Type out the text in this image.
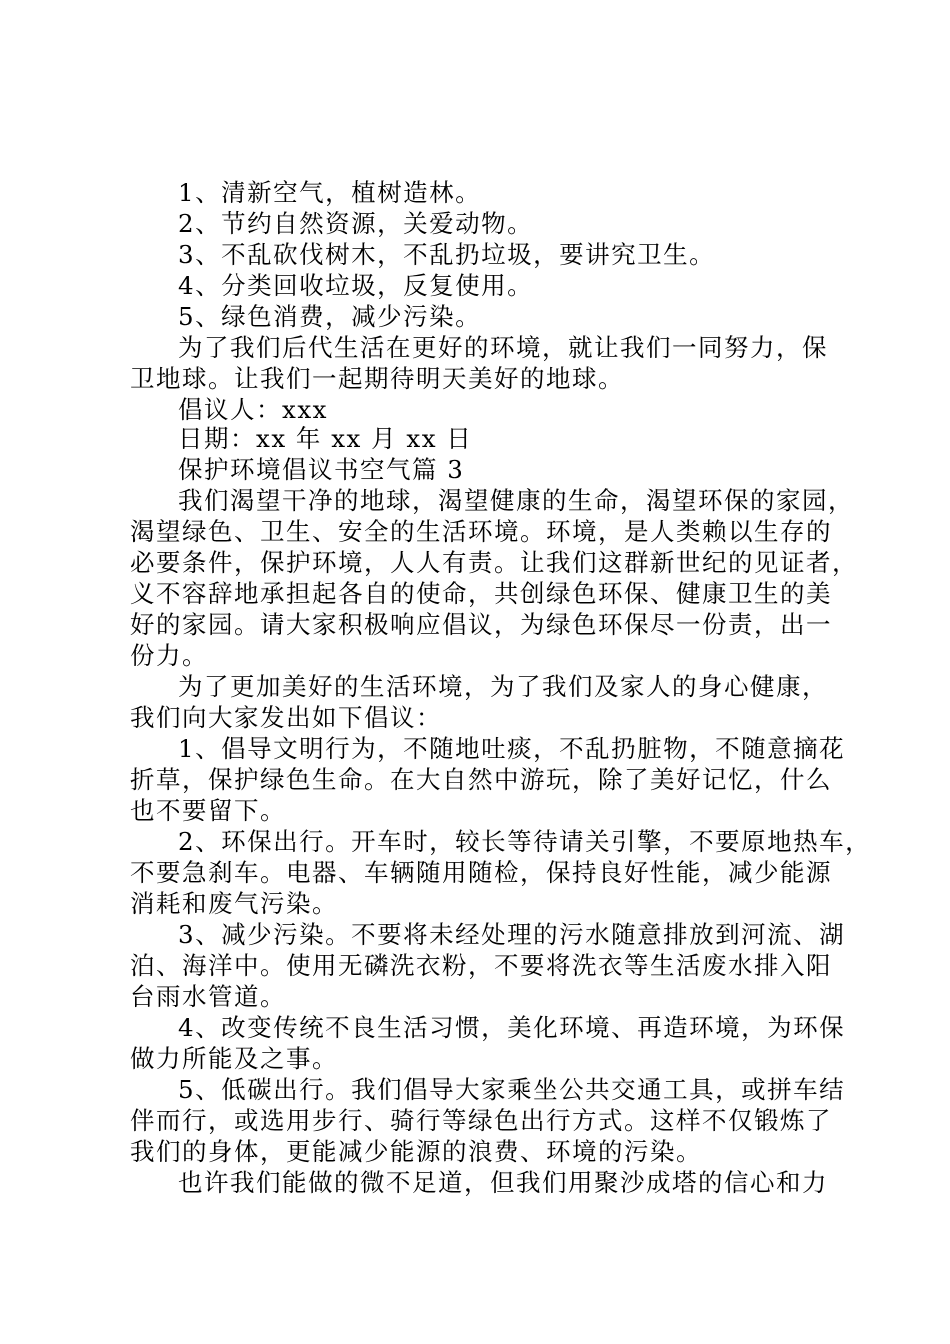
1、清新空气，植树造林。
2、节约自然资源，关爱动物。
3、不乱砍伐树木，不乱扔垃圾，要讲究卫生。
4、分类回收垃圾，反复使用。
5、绿色消费，减少污染。
为了我们后代生活在更好的环境，就让我们一同努力，保
卫地球。让我们一起期待明天美好的地球。
倡议人：xxx
日期：xx 年 xx 月 xx 日
保护环境倡议书空气篇 3
我们渴望干净的地球，渴望健康的生命，渴望环保的家园，
渴望绿色、卫生、安全的生活环境。环境，是人类赖以生存的
必要条件，保护环境，人人有责。让我们这群新世纪的见证者，
义不容辞地承担起各自的使命，共创绿色环保、健康卫生的美
好的家园。请大家积极响应倡议，为绿色环保尽一份责，出一
份力。
为了更加美好的生活环境，为了我们及家人的身心健康，
我们向大家发出如下倡议：
1、倡导文明行为，不随地吐痰，不乱扔脏物，不随意摘花
折草，保护绿色生命。在大自然中游玩，除了美好记忆，什么
也不要留下。
2、环保出行。开车时，较长等待请关引擎，不要原地热车，
不要急刹车。电器、车辆随用随检，保持良好性能，减少能源
消耗和废气污染。
3、减少污染。不要将未经处理的污水随意排放到河流、湖
泊、海洋中。使用无磷洗衣粉，不要将洗衣等生活废水排入阳
台雨水管道。
4、改变传统不良生活习惯，美化环境、再造环境，为环保
做力所能及之事。
5、低碳出行。我们倡导大家乘坐公共交通工具，或拼车结
伴而行，或选用步行、骑行等绿色出行方式。这样不仅锻炼了
我们的身体，更能减少能源的浪费、环境的污染。
也许我们能做的微不足道，但我们用聚沙成塔的信心和力
